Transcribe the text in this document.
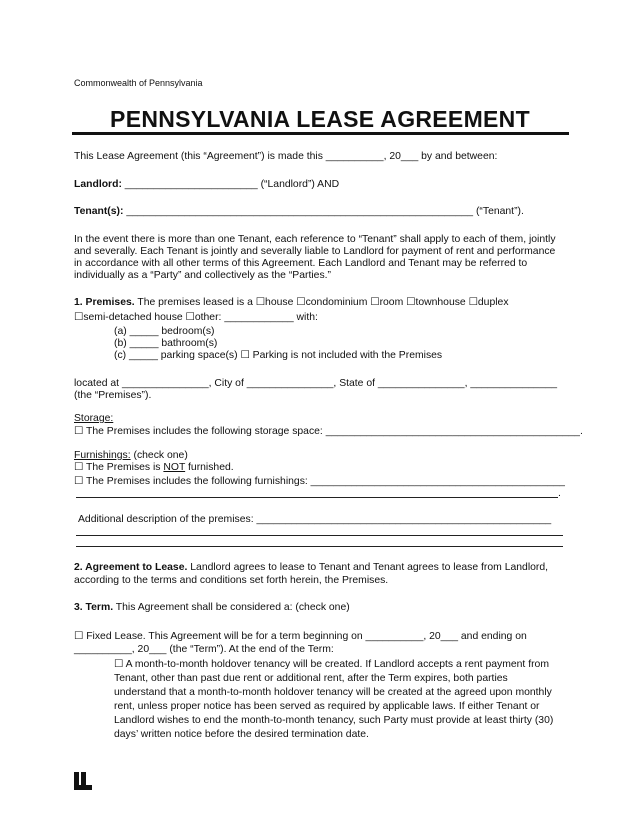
Commonwealth of Pennsylvania
PENNSYLVANIA LEASE AGREEMENT
This Lease Agreement (this “Agreement”) is made this __________, 20___ by and between:
Landlord: _______________________ (“Landlord”) AND
Tenant(s): ____________________________________________________________ (“Tenant”).
In the event there is more than one Tenant, each reference to “Tenant” shall apply to each of them, jointly
and severally. Each Tenant is jointly and severally liable to Landlord for payment of rent and performance
in accordance with all other terms of this Agreement. Each Landlord and Tenant may be referred to
individually as a “Party” and collectively as the “Parties.”
1. Premises. The premises leased is a ☐house ☐condominium ☐room ☐townhouse ☐duplex
☐semi-detached house ☐other: ____________ with:
(a) _____ bedroom(s)
(b) _____ bathroom(s)
(c) _____ parking space(s) ☐ Parking is not included with the Premises
located at _______________, City of _______________, State of _______________, _______________
(the “Premises”).
Storage:
☐ The Premises includes the following storage space: ____________________________________________.
Furnishings: (check one)
☐ The Premises is NOT furnished.
☐ The Premises includes the following furnishings: ____________________________________________
.
Additional description of the premises: ___________________________________________________
2. Agreement to Lease. Landlord agrees to lease to Tenant and Tenant agrees to lease from Landlord,
according to the terms and conditions set forth herein, the Premises.
3. Term. This Agreement shall be considered a: (check one)
☐ Fixed Lease. This Agreement will be for a term beginning on __________, 20___ and ending on
__________, 20___ (the “Term”). At the end of the Term:
☐ A month-to-month holdover tenancy will be created. If Landlord accepts a rent payment from
Tenant, other than past due rent or additional rent, after the Term expires, both parties
understand that a month-to-month holdover tenancy will be created at the agreed upon monthly
rent, unless proper notice has been served as required by applicable laws. If either Tenant or
Landlord wishes to end the month-to-month tenancy, such Party must provide at least thirty (30)
days’ written notice before the desired termination date.
